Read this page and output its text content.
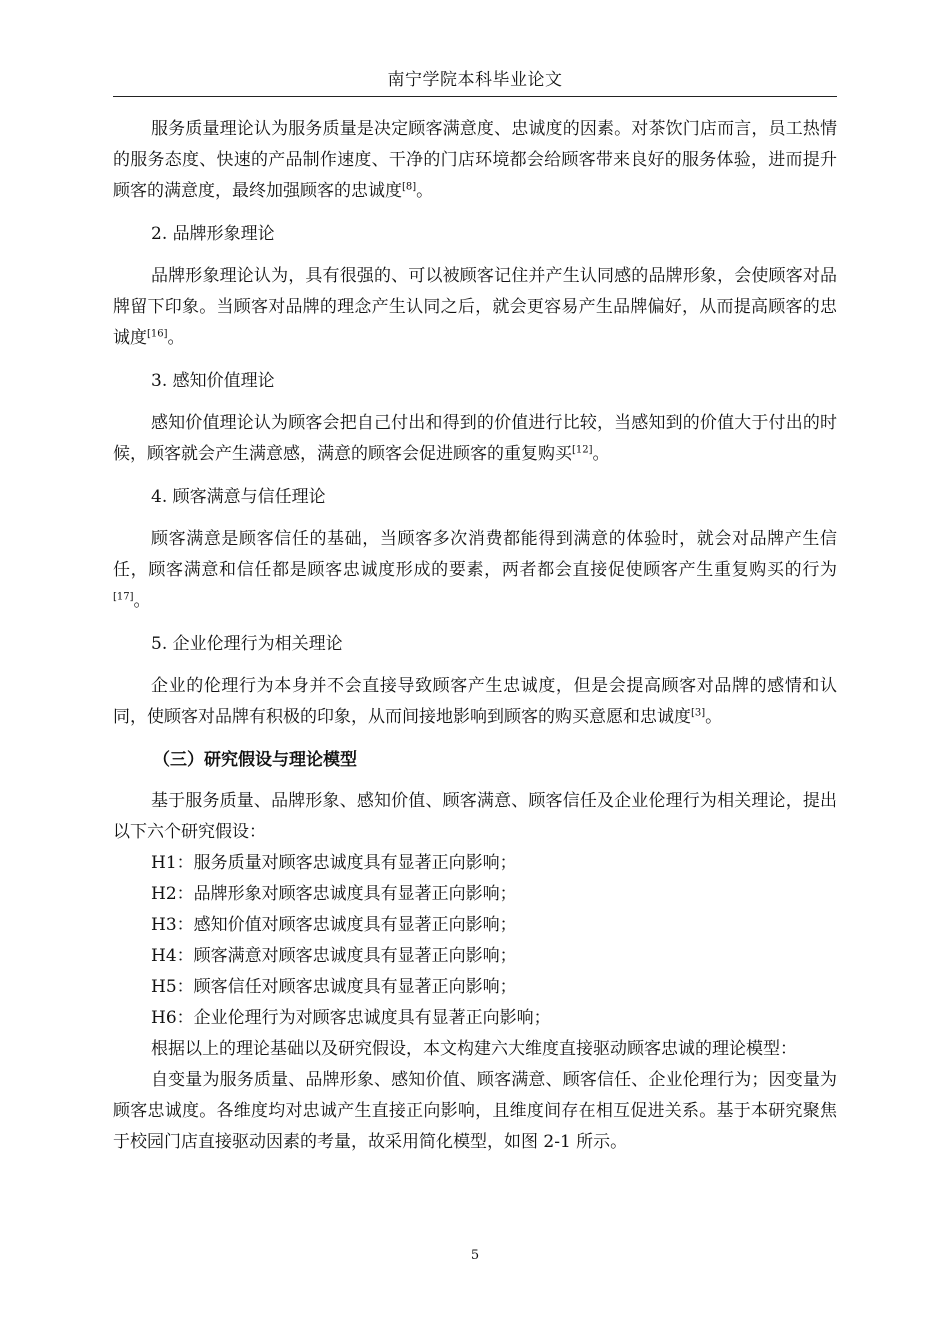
南宁学院本科毕业论文

服务质量理论认为服务质量是决定顾客满意度、忠诚度的因素。对茶饮门店而言，员工热情的服务态度、快速的产品制作速度、干净的门店环境都会给顾客带来良好的服务体验，进而提升顾客的满意度，最终加强顾客的忠诚度[8]。

2. 品牌形象理论

品牌形象理论认为，具有很强的、可以被顾客记住并产生认同感的品牌形象，会使顾客对品牌留下印象。当顾客对品牌的理念产生认同之后，就会更容易产生品牌偏好，从而提高顾客的忠诚度[16]。

3. 感知价值理论

感知价值理论认为顾客会把自己付出和得到的价值进行比较，当感知到的价值大于付出的时候，顾客就会产生满意感，满意的顾客会促进顾客的重复购买[12]。

4. 顾客满意与信任理论

顾客满意是顾客信任的基础，当顾客多次消费都能得到满意的体验时，就会对品牌产生信任，顾客满意和信任都是顾客忠诚度形成的要素，两者都会直接促使顾客产生重复购买的行为[17]。

5. 企业伦理行为相关理论

企业的伦理行为本身并不会直接导致顾客产生忠诚度，但是会提高顾客对品牌的感情和认同，使顾客对品牌有积极的印象，从而间接地影响到顾客的购买意愿和忠诚度[3]。

（三）研究假设与理论模型

基于服务质量、品牌形象、感知价值、顾客满意、顾客信任及企业伦理行为相关理论，提出以下六个研究假设：

H1：服务质量对顾客忠诚度具有显著正向影响；

H2：品牌形象对顾客忠诚度具有显著正向影响；

H3：感知价值对顾客忠诚度具有显著正向影响；

H4：顾客满意对顾客忠诚度具有显著正向影响；

H5：顾客信任对顾客忠诚度具有显著正向影响；

H6：企业伦理行为对顾客忠诚度具有显著正向影响；

根据以上的理论基础以及研究假设，本文构建六大维度直接驱动顾客忠诚的理论模型：

自变量为服务质量、品牌形象、感知价值、顾客满意、顾客信任、企业伦理行为；因变量为顾客忠诚度。各维度均对忠诚产生直接正向影响，且维度间存在相互促进关系。基于本研究聚焦于校园门店直接驱动因素的考量，故采用简化模型，如图 2-1 所示。

5
